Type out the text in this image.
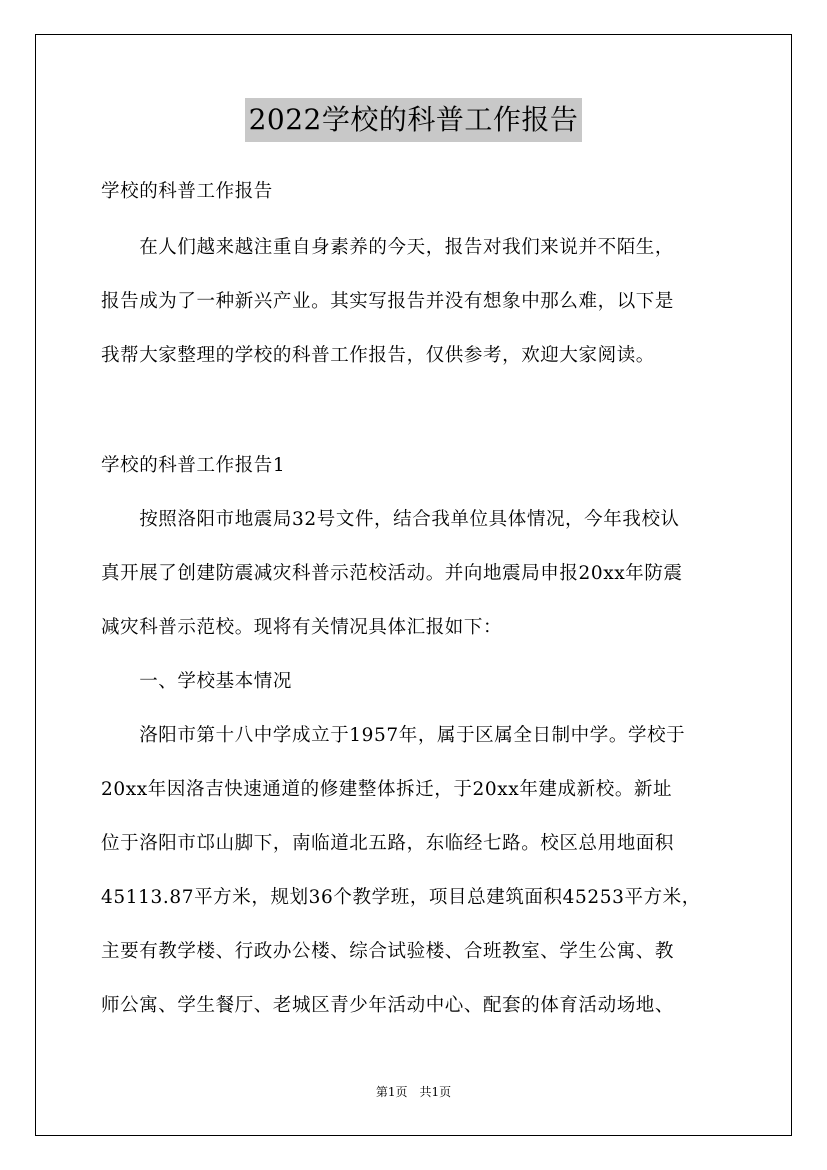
2022学校的科普工作报告
学校的科普工作报告
　　在人们越来越注重自身素养的今天，报告对我们来说并不陌生，
报告成为了一种新兴产业。其实写报告并没有想象中那么难，以下是
我帮大家整理的学校的科普工作报告，仅供参考，欢迎大家阅读。
学校的科普工作报告1
　　按照洛阳市地震局32号文件，结合我单位具体情况，今年我校认
真开展了创建防震减灾科普示范校活动。并向地震局申报20xx年防震
减灾科普示范校。现将有关情况具体汇报如下：
　　一、学校基本情况
　　洛阳市第十八中学成立于1957年，属于区属全日制中学。学校于
20xx年因洛吉快速通道的修建整体拆迁，于20xx年建成新校。新址
位于洛阳市邙山脚下，南临道北五路，东临经七路。校区总用地面积
45113.87平方米，规划36个教学班，项目总建筑面积45253平方米，
主要有教学楼、行政办公楼、综合试验楼、合班教室、学生公寓、教
师公寓、学生餐厅、老城区青少年活动中心、配套的体育活动场地、
第1页　共1页
